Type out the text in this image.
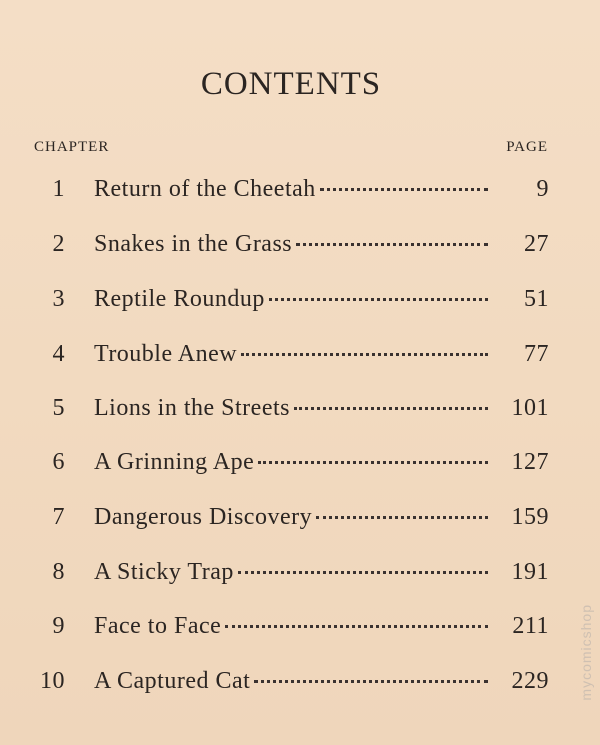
CONTENTS
CHAPTER	PAGE
1 Return of the Cheetah	9
2 Snakes in the Grass	27
3 Reptile Roundup	51
4 Trouble Anew	77
5 Lions in the Streets	101
6 A Grinning Ape	127
7 Dangerous Discovery	159
8 A Sticky Trap	191
9 Face to Face	211
10 A Captured Cat	229 mycomicshop
